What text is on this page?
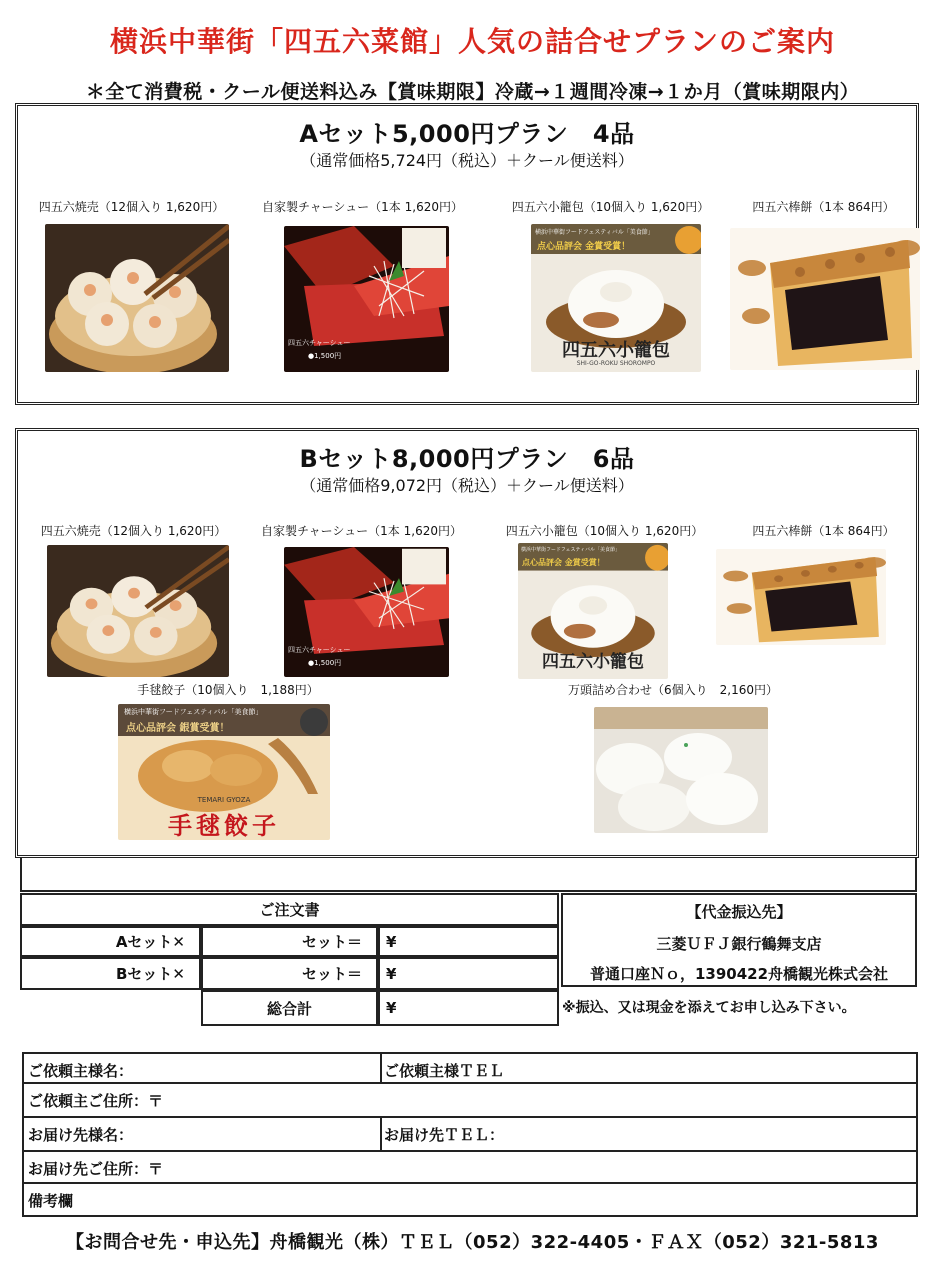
横浜中華街「四五六菜館」人気の詰合せプランのご案内
＊全て消費税・クール便送料込み【賞味期限】冷蔵→１週間冷凍→１か月（賞味期限内）
Aセット5,000円プラン　4品
（通常価格5,724円（税込）＋クール便送料）
四五六焼売（12個入り 1,620円）	自家製チャーシュー（1本 1,620円）	四五六小籠包（10個入り 1,620円）	四五六棒餅（1本 864円）
四五六チャーシュー
●1,500円
横浜中華街フードフェスティバル「美食節」
点心品評会 金賞受賞！
四五六小籠包
SHI-GO-ROKU SHOROMPO
Bセット8,000円プラン　6品
（通常価格9,072円（税込）＋クール便送料）
四五六焼売（12個入り 1,620円）	自家製チャーシュー（1本 1,620円）	四五六小籠包（10個入り 1,620円）	四五六棒餅（1本 864円）
四五六チャーシュー
●1,500円
横浜中華街フードフェスティバル「美食節」
点心品評会 金賞受賞！
四五六小籠包
手毬餃子（10個入り　1,188円）	万頭詰め合わせ（6個入り　2,160円）
横浜中華街フードフェスティバル「美食節」
点心品評会 銀賞受賞！
TEMARI GYOZA
手毬餃子
ご注文書
Aセット✕	セット＝	¥
Bセット✕	セット＝	¥
総合計	¥
【代金振込先】
三菱ＵＦＪ銀行鶴舞支店
普通口座Ｎｏ，1390422舟橋観光株式会社
※振込、又は現金を添えてお申し込み下さい。
ご依頼主様名：	ご依頼主様ＴＥＬ
ご依頼主ご住所：〒
お届け先様名：	お届け先ＴＥＬ：
お届け先ご住所：〒
備考欄
【お問合せ先・申込先】舟橋観光（株）ＴＥＬ（052）322-4405・ＦＡＸ（052）321-5813
